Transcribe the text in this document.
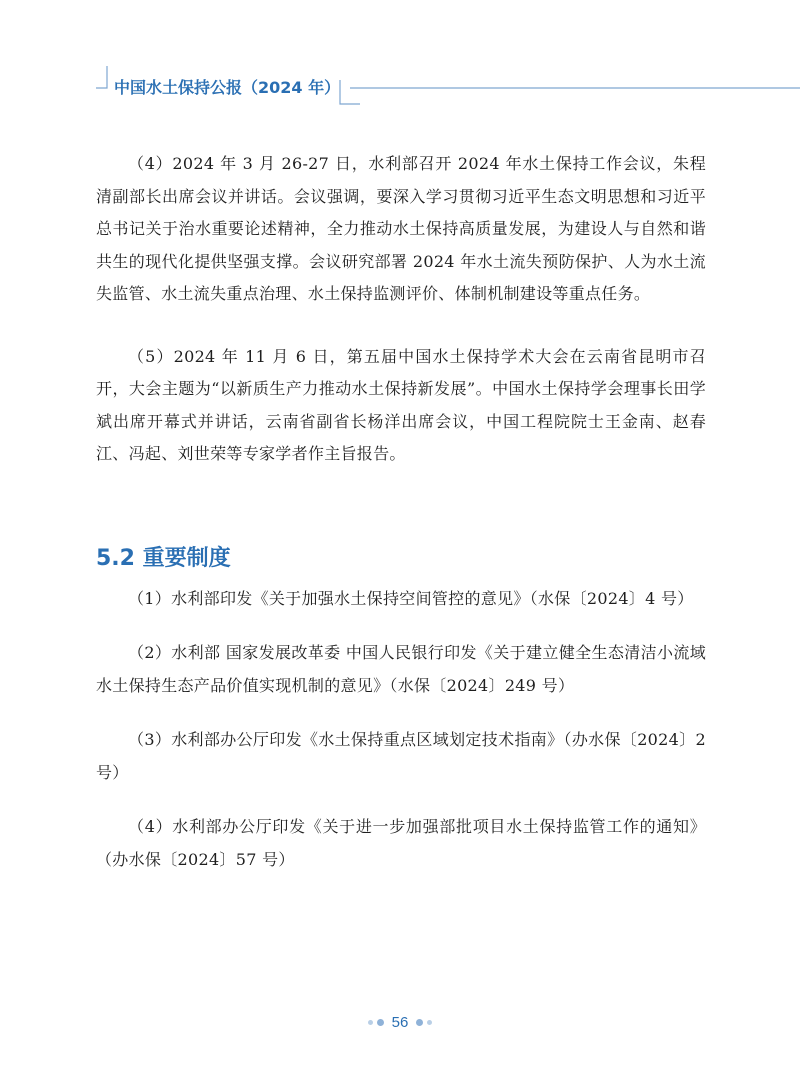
中国水土保持公报（2024 年）

（4）2024 年 3 月 26-27 日，水利部召开 2024 年水土保持工作会议，朱程清副部长出席会议并讲话。会议强调，要深入学习贯彻习近平生态文明思想和习近平总书记关于治水重要论述精神，全力推动水土保持高质量发展，为建设人与自然和谐共生的现代化提供坚强支撑。会议研究部署 2024 年水土流失预防保护、人为水土流失监管、水土流失重点治理、水土保持监测评价、体制机制建设等重点任务。

（5）2024 年 11 月 6 日，第五届中国水土保持学术大会在云南省昆明市召开，大会主题为“以新质生产力推动水土保持新发展”。中国水土保持学会理事长田学斌出席开幕式并讲话，云南省副省长杨洋出席会议，中国工程院院士王金南、赵春江、冯起、刘世荣等专家学者作主旨报告。

5.2 重要制度

（1）水利部印发《关于加强水土保持空间管控的意见》（水保〔2024〕4 号）

（2）水利部 国家发展改革委 中国人民银行印发《关于建立健全生态清洁小流域水土保持生态产品价值实现机制的意见》（水保〔2024〕249 号）

（3）水利部办公厅印发《水土保持重点区域划定技术指南》（办水保〔2024〕2 号）

（4）水利部办公厅印发《关于进一步加强部批项目水土保持监管工作的通知》（办水保〔2024〕57 号）

56
